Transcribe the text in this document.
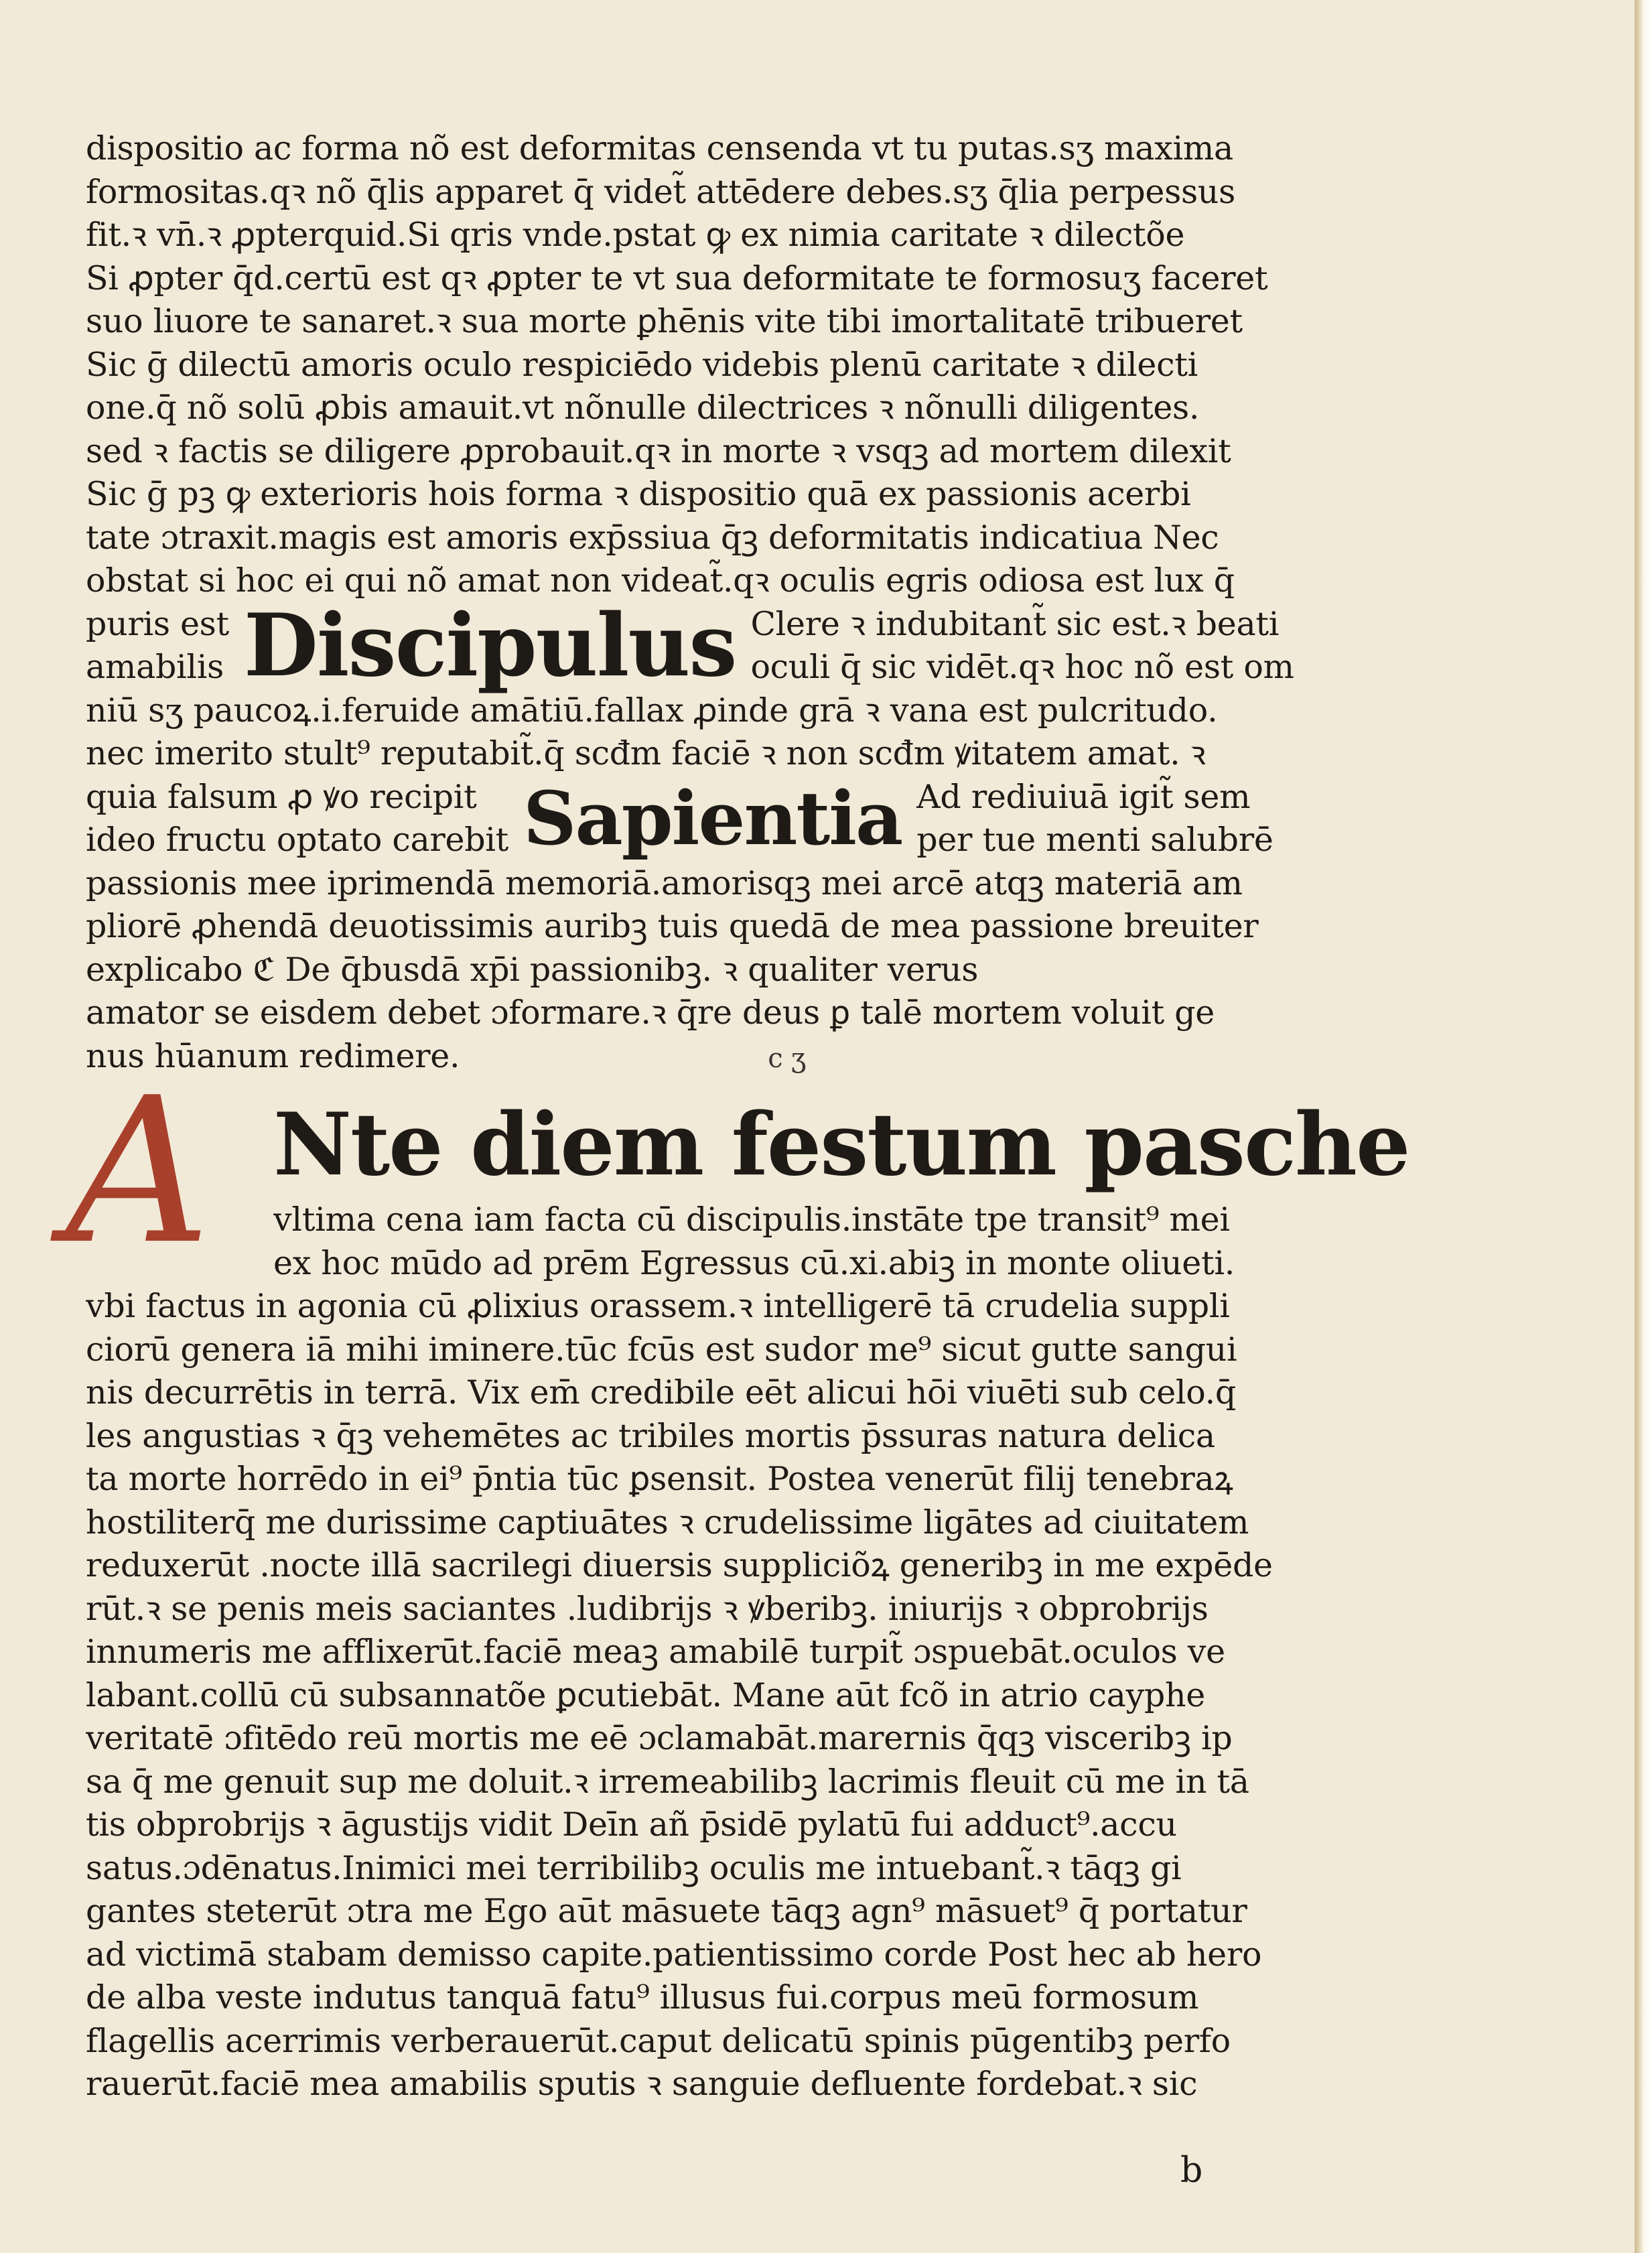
dispositio ac forma nõ est deformitas censenda vt tu putas.sʒ maxima
formositas.qꝛ nõ q̄lis apparet q̄ videt̃ attēdere debes.sʒ q̄lia perpessus
fit.ꝛ vn̄.ꝛ ꝓpterquid.Si qris vnde.pstat ꝙ ex nimia caritate ꝛ dilectõe
Si ꝓpter q̄d.certū est qꝛ ꝓpter te vt sua deformitate te formosuʒ faceret
suo liuore te sanaret.ꝛ sua morte ꝑhēnis vite tibi imortalitatē tribueret
Sic ḡ dilectū amoris oculo respiciēdo videbis plenū caritate ꝛ dilecti
one.q̄ nõ solū ꝓbis amauit.vt nõnulle dilectrices ꝛ nõnulli diligentes.
sed ꝛ factis se diligere ꝓprobauit.qꝛ in morte ꝛ vsqꝫ ad mortem dilexit
Sic ḡ pꝫ ꝙ exterioris hois forma ꝛ dispositio quā ex passionis acerbi
tate ɔtraxit.magis est amoris exp̄ssiua q̄ꝫ deformitatis indicatiua Nec
obstat si hoc ei qui nõ amat non videat̃.qꝛ oculis egris odiosa est lux q̄
puris est
amabilis Discipulus Clere ꝛ indubitant̃ sic est.ꝛ beati
oculi q̄ sic vidēt.qꝛ hoc nõ est om
niū sʒ paucoꝝ.i.feruide amātiū.fallax ꝓinde grā ꝛ vana est pulcritudo.
nec imerito stult⁹ reputabit̃.q̄ scđm faciē ꝛ non scđm ꝟitatem amat. ꝛ
quia falsum ꝓ ꝟo recipit
ideo fructu optato carebit Sapientia Ad rediuiuā igit̃ sem
per tue menti salubrē
passionis mee iprimendā memoriā.amorisqꝫ mei arcē atqꝫ materiā am
pliorē ꝓhendā deuotissimis auribꝫ tuis quedā de mea passione breuiter
explicabo ℭ De q̄busdā xp̄i passionibꝫ. ꝛ qualiter verus
amator se eisdem debet ɔformare.ꝛ q̄re deus ꝑ talē mortem voluit ge
nus hūanum redimere.	c ʒ
A Nte diem festum pasche
vltima cena iam facta cū discipulis.instāte tpe transit⁹ mei
ex hoc mūdo ad prēm Egressus cū.xi.abiꝫ in monte oliueti.
vbi factus in agonia cū ꝓlixius orassem.ꝛ intelligerē tā crudelia suppli
ciorū genera iā mihi iminere.tūc fcūs est sudor me⁹ sicut gutte sangui
nis decurrētis in terrā. Vix em̄ credibile eēt alicui hōi viuēti sub celo.q̄
les angustias ꝛ q̄ꝫ vehemētes ac tribiles mortis p̄ssuras natura delica
ta morte horrēdo in ei⁹ p̄ntia tūc ꝑsensit. Postea venerūt filij tenebraꝝ
hostiliterq̄ me durissime captiuātes ꝛ crudelissime ligātes ad ciuitatem
reduxerūt .nocte illā sacrilegi diuersis suppliciõꝝ generibꝫ in me expēde
rūt.ꝛ se penis meis saciantes .ludibrijs ꝛ ꝟberibꝫ. iniurijs ꝛ obprobrijs
innumeris me afflixerūt.faciē meaꝫ amabilē turpit̃ ɔspuebāt.oculos ve
labant.collū cū subsannatõe ꝑcutiebāt. Mane aūt fcõ in atrio cayphe
veritatē ɔfitēdo reū mortis me eē ɔclamabāt.marernis q̄qꝫ visceribꝫ ip
sa q̄ me genuit sup me doluit.ꝛ irremeabilibꝫ lacrimis fleuit cū me in tā
tis obprobrijs ꝛ āgustijs vidit Deīn añ p̄sidē pylatū fui adduct⁹.accu
satus.ɔdēnatus.Inimici mei terribilibꝫ oculis me intuebant̃.ꝛ tāqꝫ gi
gantes steterūt ɔtra me Ego aūt māsuete tāqꝫ agn⁹ māsuet⁹ q̄ portatur
ad victimā stabam demisso capite.patientissimo corde Post hec ab hero
de alba veste indutus tanquā fatu⁹ illusus fui.corpus meū formosum
flagellis acerrimis verberauerūt.caput delicatū spinis pūgentibꝫ perfo
rauerūt.faciē mea amabilis sputis ꝛ sanguie defluente fordebat.ꝛ sic
b
